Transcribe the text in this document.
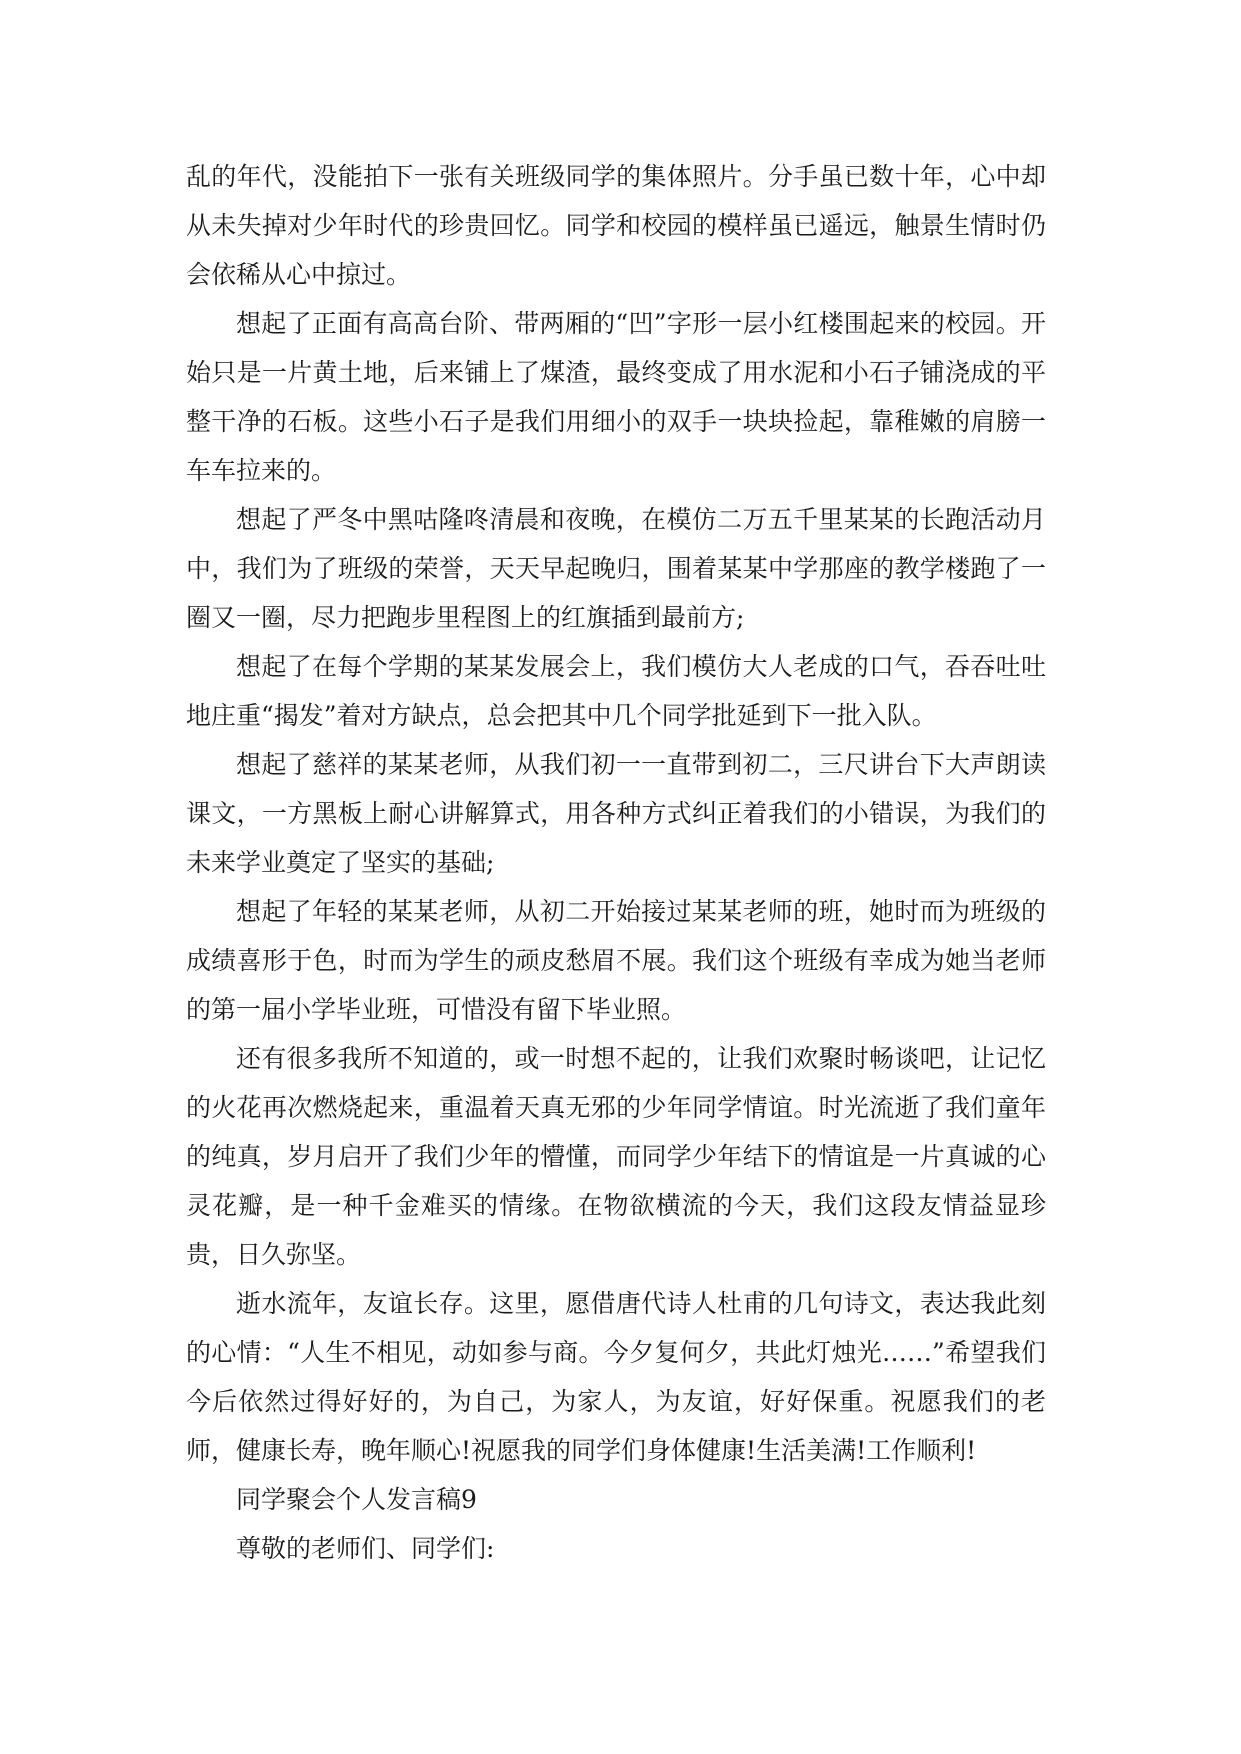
乱的年代，没能拍下一张有关班级同学的集体照片。分手虽已数十年，心中却从未失掉对少年时代的珍贵回忆。同学和校园的模样虽已遥远，触景生情时仍会依稀从心中掠过。

想起了正面有高高台阶、带两厢的“凹”字形一层小红楼围起来的校园。开始只是一片黄土地，后来铺上了煤渣，最终变成了用水泥和小石子铺浇成的平整干净的石板。这些小石子是我们用细小的双手一块块捡起，靠稚嫩的肩膀一车车拉来的。

想起了严冬中黑咕隆咚清晨和夜晚，在模仿二万五千里某某的长跑活动月中，我们为了班级的荣誉，天天早起晚归，围着某某中学那座的教学楼跑了一圈又一圈，尽力把跑步里程图上的红旗插到最前方;

想起了在每个学期的某某发展会上，我们模仿大人老成的口气，吞吞吐吐地庄重“揭发”着对方缺点，总会把其中几个同学批延到下一批入队。

想起了慈祥的某某老师，从我们初一一直带到初二，三尺讲台下大声朗读课文，一方黑板上耐心讲解算式，用各种方式纠正着我们的小错误，为我们的未来学业奠定了坚实的基础;

想起了年轻的某某老师，从初二开始接过某某老师的班，她时而为班级的成绩喜形于色，时而为学生的顽皮愁眉不展。我们这个班级有幸成为她当老师的第一届小学毕业班，可惜没有留下毕业照。

还有很多我所不知道的，或一时想不起的，让我们欢聚时畅谈吧，让记忆的火花再次燃烧起来，重温着天真无邪的少年同学情谊。时光流逝了我们童年的纯真，岁月启开了我们少年的懵懂，而同学少年结下的情谊是一片真诚的心灵花瓣，是一种千金难买的情缘。在物欲横流的今天，我们这段友情益显珍贵，日久弥坚。

逝水流年，友谊长存。这里，愿借唐代诗人杜甫的几句诗文，表达我此刻的心情：“人生不相见，动如参与商。今夕复何夕，共此灯烛光……”希望我们今后依然过得好好的，为自己，为家人，为友谊，好好保重。祝愿我们的老师，健康长寿，晚年顺心!祝愿我的同学们身体健康!生活美满!工作顺利!

同学聚会个人发言稿9

尊敬的老师们、同学们:
